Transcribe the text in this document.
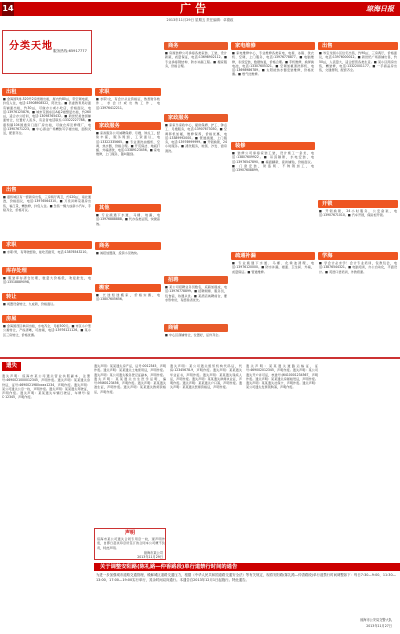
14	广告	琼海日报
2013年11月29日 星期五 责任编辑：卓德政
分类天地 服务热线:65917777
出租
■ 金海园5排-520号2房宽敞出租，屋内约80㎡，带空调电视，拎包入住，电话:13908908522，陈先生。■ 县委教育局对面有铺面出租，约30㎡，可做办公或小吃店，价格面议，电话:13976125876。■ 城市花园东区A栋2楼整层出租，约260㎡，适合办公培训，电话:13098765432。■ 新世纪美食街铺面转让，位置好人流多，有意者电话联系:13322227788。■ 嘉积镇104国道旁门面厂房出租，可做仓库及修理厂，电话:13907671223。■ 中心商业广场精装写字楼出租，面积灵活，配套齐全。
出售
■ 嘉积城区有一套新房出售，三房两厅两卫，约120㎡，南北通透，价格面议，电话:13976564310。■ 万泉河畔景观房出售，看江景，精装修，拎包入住。■ 急售一辆九成新小汽车，手续齐全，价格可议。
求职
■ 求职:男，有驾驶经验，能吃苦耐劳，电话:13876543210。
库存处理
■ 服装库存清仓处理，数量大价格低，欢迎批发，电话:13518889098。
转让
■ 闲置设备转让，九成新，价格面议。
房屋
■ 金海园西区单间出租，水电齐全，月租500元。■ 市区小户型公寓转让，产权清晰，可按揭，电话:13976121126。■ 某小区三房转让，价格优惠。
求职
■ 求职:女，有会计从业资格证，熟悉财务软件，求会计或出纳工作，电话:13976412211。
家政服务
■ 家政服务公司诚聘保姆、月嫂、钟点工，经验丰富，服务周到，工资面议，电话:13322335665。■ 专业清洗油烟机、空调、热水器，价格合理。■ 开荒保洁、地板打蜡、外墙清洗，电话:13389123456。■ 家电维修，上门服务，随叫随到。
其他
■ 专业疏通下水道、马桶、地漏，电话:13976888888。■ 代办各类证照，快捷高效。
商务
■ 诚招加盟商，投资小见效快。
搬家
■ 长途短途搬家，价格实惠，电话:13807605656。
商务
■ 房屋装修公司承接各类家装、工装，设计新颖，质量保证，电话:13698902112。■ 专业承接钢结构、防水补漏工程。■ 搬家服务，价格合理。
家政服务
■ 家家乐家政中心，提供保姆、护工、钟点工、月嫂服务，电话:13907673030。■ 空调移机加氟，维修保养，价格优惠，电话:13389992000。■ 管道疏通，上门服务，电话:13976999999。■ 开锁换锁，24小时服务。■ 清洗服务，地毯、沙发、窗帘清洗。
招聘
■ 某公司招聘业务员数名，底薪加提成，电话:13976778899。■ 招聘厨师、服务员，包食宿，待遇从优。■ 某酒店诚聘前台，要求形象好，有经验者优先。
商铺
■ 中心区商铺转让，位置好，证件齐全。
家电维修
■ 家电维修中心，专业维修各类家电，电视、冰箱、洗衣机、空调，上门服务，电话:13976778877。■ 电脑维修，系统安装，数据恢复，价格合理。■ 手机维修，换屏换电池，电话:13307605321。■ 空调加氟清洗移机，电话:13698986789。■ 太阳能热水器安装维修，价格优惠。■ 燃气灶维修。
装修
■ 装修公司承接家装工装，设计施工一条龙，电话:13807609922。■ 吊顶隔断，水电安装，电话:13976547890。■ 墙面翻新，瓷砖铺贴，价格面议。■ 门窗安装，防盗网、不锈钢加工，电话:13907608899。
疏通补漏
■ 专业疏通下水道、马桶、化粪池清理，电话:13976120000。■ 防水补漏，楼面、卫生间、外墙，质量保证。■ 管道维修。
出售
■ 岑宝龙园小区住宅出售，约90㎡，三房两厅，价格面议，电话:13976000012。■ 新世纪广场商铺出售，约50㎡，人流量大，适合经营各类生意。■ 某小区两房出售，精装修，电话:13322001177。■ 一手商品房出售，交通便利，配套齐全。
开锁
■ 开锁换锁，24小时服务，公安备案，电话:13907671010。■ 汽车开锁，保险柜开锁。
学海
■ 学会计必求学！会计专业培训，包教包会，电话:13876544321。■ 电脑培训，办公自动化，平面设计。■ 英语口语培训，外教授课。
遗失
遗失声明：琼海市某公司遗失营业执照副本，注册号:4690021000012345，声明作废。遗失声明：某某遗失身份证，证号:4690021980xxxx1234，声明作废。遗失声明：某公司遗失公章一枚，声明作废。遗失声明：某某遗失驾驶证，声明作废。遗失声明：某某遗失车辆行驶证，车牌号:琼C·12345，声明作废。
遗失声明：某某遗失房产证，证号:0012345，声明作废。遗失声明：某某遗失土地使用证，声明作废。遗失声明：某公司遗失税务登记证副本，声明作废。遗失声明：某某遗失出生医学证明，编号:M460123456，声明作废。遗失声明：某某遗失准生证，声明作废。遗失声明：某某遗失教师资格证，声明作废。
遗失声明：某公司遗失组织机构代码证，代码:12345678-9，声明作废。遗失声明：某某遗失毕业证书，声明作废。遗失声明：某某遗失残疾人证，声明作废。遗失声明：某某遗失律师执业证，声明作废。遗失声明：某某遗失户口簿，声明作废。遗失声明：某某遗失医师资格证，声明作废。
遗失声明：某某遗失道路运输证，证号:469002012345，声明作废。遗失声明：某公司遗失开户许可证，核准号:J6410001234567，声明作废。遗失声明：某某遗失房屋租赁证，声明作废。遗失声明：某某遗失社保卡，声明作废。遗失声明：某公司遗失发票领购簿，声明作废。
声明
琼海市某公司遗失合同专用章一枚，现声明作废，自即日起该印章所签订的合同本公司概不负责，特此声明。
琼海市某公司
2013年11月29日
关于调整安阳路(陈礼路—仲香路段)单行道禁行时间的通告
为进一步加强城市道路交通管理，缓解城区道路交通压力，根据《中华人民共和国道路交通安全法》等有关规定，现将安阳路(陈礼路—仲香路段)单行道禁行时间调整如下：每日7:30—9:00、11:30—13:00、17:00—19:00实行单行，其余时间双向通行。本通告自2013年12月1日起施行。特此通告。
琼海市公安局交警大队
2013年11月27日
